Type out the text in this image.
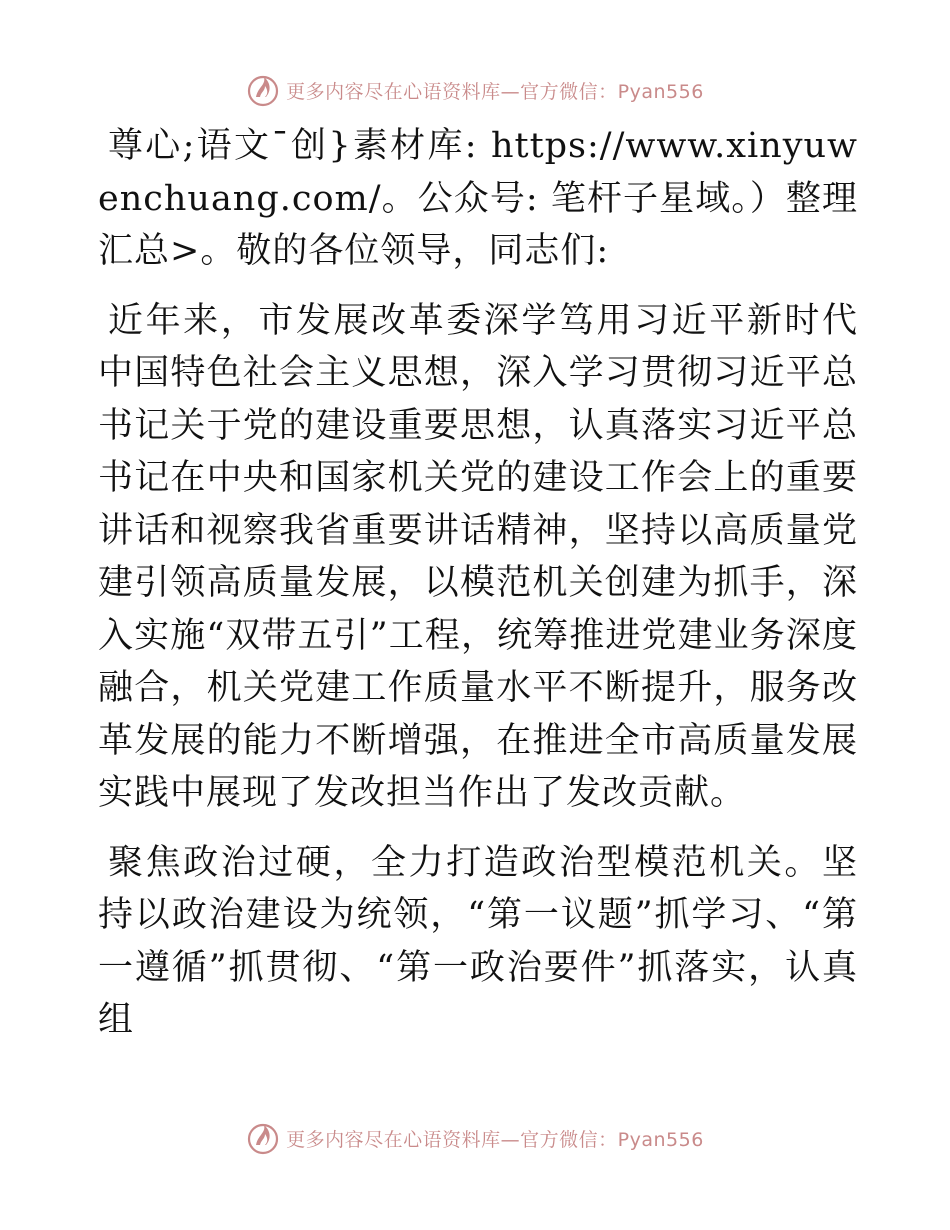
更多内容尽在心语资料库—官方微信：Pyan556

尊心;语文¯创}素材库: https://www.xinyuwenchuang.com/。公众号: 笔杆子星域。）整理汇总>。敬的各位领导，同志们:

近年来，市发展改革委深学笃用习近平新时代中国特色社会主义思想，深入学习贯彻习近平总书记关于党的建设重要思想，认真落实习近平总书记在中央和国家机关党的建设工作会上的重要讲话和视察我省重要讲话精神，坚持以高质量党建引领高质量发展，以模范机关创建为抓手，深入实施“双带五引”工程，统筹推进党建业务深度融合，机关党建工作质量水平不断提升，服务改革发展的能力不断增强，在推进全市高质量发展实践中展现了发改担当作出了发改贡献。

聚焦政治过硬，全力打造政治型模范机关。坚持以政治建设为统领，“第一议题”抓学习、“第一遵循”抓贯彻、“第一政治要件”抓落实，认真组

更多内容尽在心语资料库—官方微信：Pyan556
